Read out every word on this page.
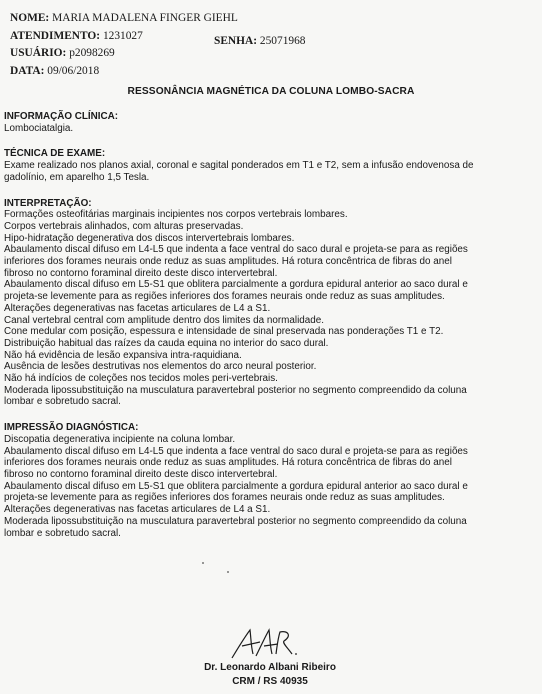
NOME: MARIA MADALENA FINGER GIEHL
ATENDIMENTO: 1231027
USUÁRIO: p2098269
DATA: 09/06/2018
SENHA: 25071968
RESSONÂNCIA MAGNÉTICA DA COLUNA LOMBO-SACRA
INFORMAÇÃO CLÍNICA:
Lombociatalgia.
TÉCNICA DE EXAME:
Exame realizado nos planos axial, coronal e sagital ponderados em T1 e T2, sem a infusão endovenosa de
gadolínio, em aparelho 1,5 Tesla.
INTERPRETAÇÃO:
Formações osteofitárias marginais incipientes nos corpos vertebrais lombares.
Corpos vertebrais alinhados, com alturas preservadas.
Hipo-hidratação degenerativa dos discos intervertebrais lombares.
Abaulamento discal difuso em L4-L5 que indenta a face ventral do saco dural e projeta-se para as regiões
inferiores dos forames neurais onde reduz as suas amplitudes. Há rotura concêntrica de fibras do anel
fibroso no contorno foraminal direito deste disco intervertebral.
Abaulamento discal difuso em L5-S1 que oblitera parcialmente a gordura epidural anterior ao saco dural e
projeta-se levemente para as regiões inferiores dos forames neurais onde reduz as suas amplitudes.
Alterações degenerativas nas facetas articulares de L4 a S1.
Canal vertebral central com amplitude dentro dos limites da normalidade.
Cone medular com posição, espessura e intensidade de sinal preservada nas ponderações T1 e T2.
Distribuição habitual das raízes da cauda equina no interior do saco dural.
Não há evidência de lesão expansiva intra-raquidiana.
Ausência de lesões destrutivas nos elementos do arco neural posterior.
Não há indícios de coleções nos tecidos moles peri-vertebrais.
Moderada lipossubstituição na musculatura paravertebral posterior no segmento compreendido da coluna
lombar e sobretudo sacral.
IMPRESSÃO DIAGNÓSTICA:
Discopatia degenerativa incipiente na coluna lombar.
Abaulamento discal difuso em L4-L5 que indenta a face ventral do saco dural e projeta-se para as regiões
inferiores dos forames neurais onde reduz as suas amplitudes. Há rotura concêntrica de fibras do anel
fibroso no contorno foraminal direito deste disco intervertebral.
Abaulamento discal difuso em L5-S1 que oblitera parcialmente a gordura epidural anterior ao saco dural e
projeta-se levemente para as regiões inferiores dos forames neurais onde reduz as suas amplitudes.
Alterações degenerativas nas facetas articulares de L4 a S1.
Moderada lipossubstituição na musculatura paravertebral posterior no segmento compreendido da coluna
lombar e sobretudo sacral.
Dr. Leonardo Albani Ribeiro
CRM / RS 40935
